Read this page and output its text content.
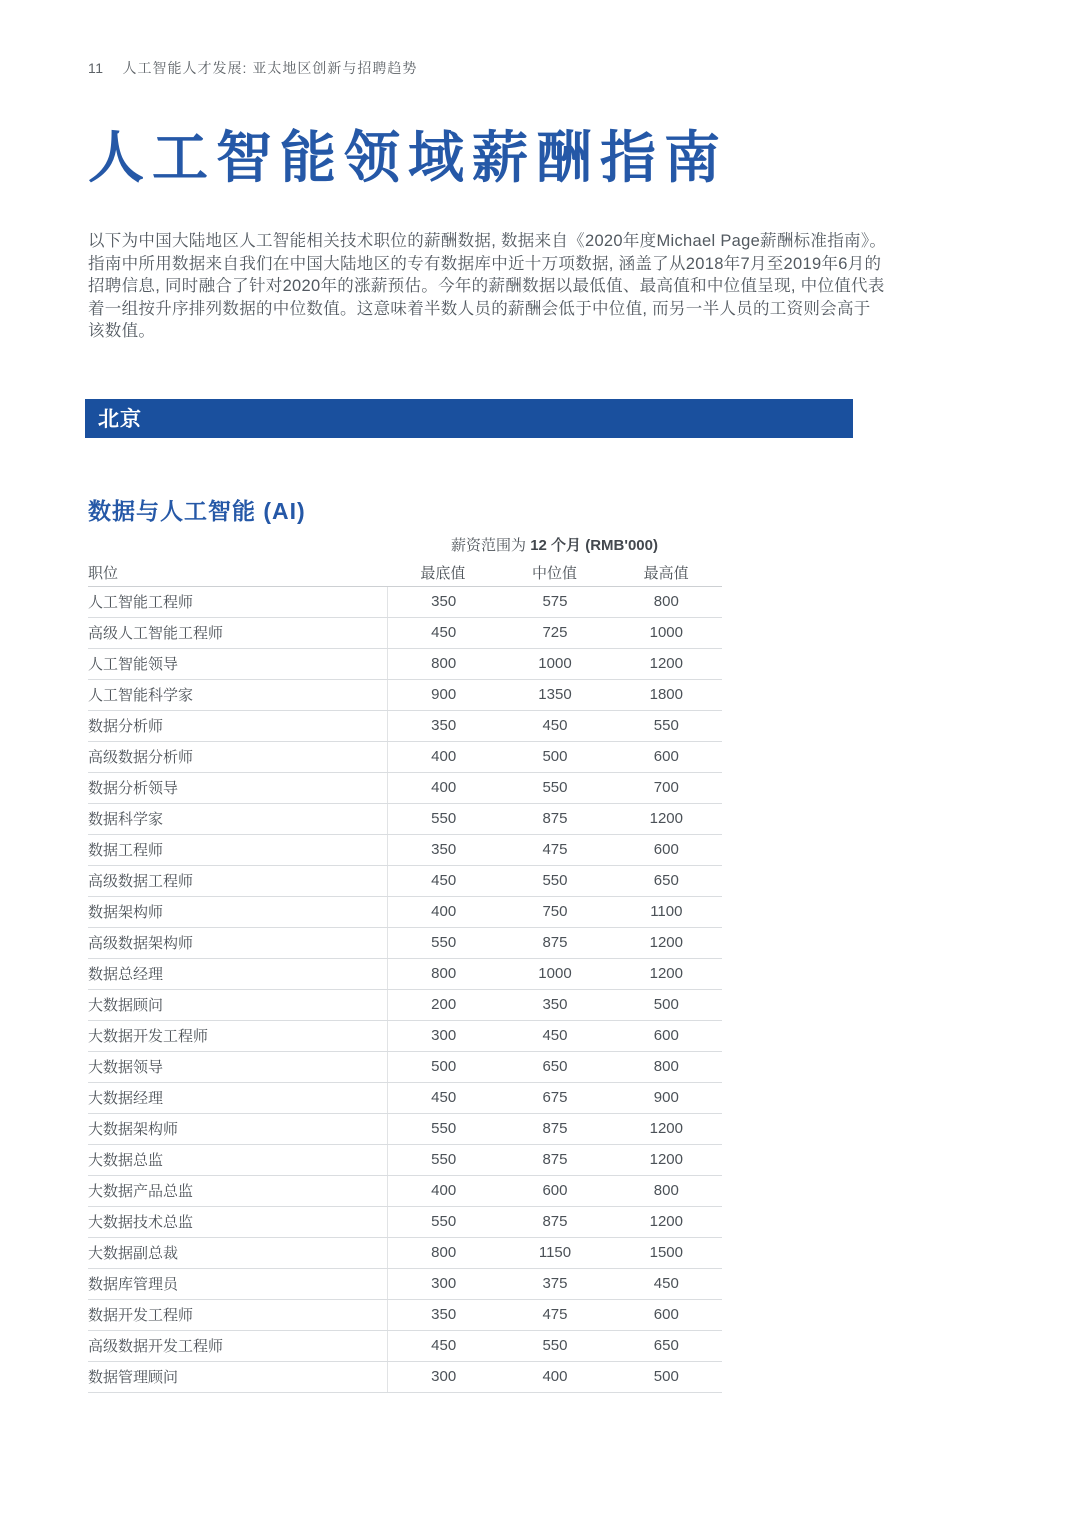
11 人工智能人才发展: 亚太地区创新与招聘趋势
人工智能领域薪酬指南
以下为中国大陆地区人工智能相关技术职位的薪酬数据, 数据来自《2020年度Michael Page薪酬标准指南》。
指南中所用数据来自我们在中国大陆地区的专有数据库中近十万项数据, 涵盖了从2018年7月至2019年6月的
招聘信息, 同时融合了针对2020年的涨薪预估。今年的薪酬数据以最低值、最高值和中位值呈现, 中位值代表
着一组按升序排列数据的中位数值。这意味着半数人员的薪酬会低于中位值, 而另一半人员的工资则会高于
该数值。
北京
数据与人工智能 (AI)
薪资范围为 12 个月 (RMB'000)
职位	最底值	中位值	最高值
人工智能工程师	350	575	800
高级人工智能工程师	450	725	1000
人工智能领导	800	1000	1200
人工智能科学家	900	1350	1800
数据分析师	350	450	550
高级数据分析师	400	500	600
数据分析领导	400	550	700
数据科学家	550	875	1200
数据工程师	350	475	600
高级数据工程师	450	550	650
数据架构师	400	750	1100
高级数据架构师	550	875	1200
数据总经理	800	1000	1200
大数据顾问	200	350	500
大数据开发工程师	300	450	600
大数据领导	500	650	800
大数据经理	450	675	900
大数据架构师	550	875	1200
大数据总监	550	875	1200
大数据产品总监	400	600	800
大数据技术总监	550	875	1200
大数据副总裁	800	1150	1500
数据库管理员	300	375	450
数据开发工程师	350	475	600
高级数据开发工程师	450	550	650
数据管理顾问	300	400	500
